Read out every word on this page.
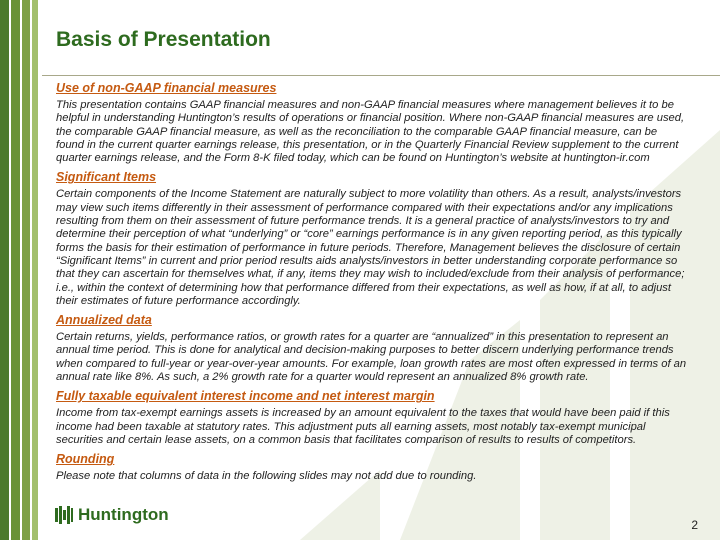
Basis of Presentation

Use of non-GAAP financial measures

This presentation contains GAAP financial measures and non-GAAP financial measures where management believes it to be helpful in understanding Huntington’s results of operations or financial position. Where non-GAAP financial measures are used, the comparable GAAP financial measure, as well as the reconciliation to the comparable GAAP financial measure, can be found in the current quarter earnings release, this presentation, or in the Quarterly Financial Review supplement to the current quarter earnings release, and the Form 8-K filed today, which can be found on Huntington’s website at huntington-ir.com

Significant Items

Certain components of the Income Statement are naturally subject to more volatility than others. As a result, analysts/investors may view such items differently in their assessment of performance compared with their expectations and/or any implications resulting from them on their assessment of future performance trends. It is a general practice of analysts/investors to try and determine their perception of what “underlying” or “core” earnings performance is in any given reporting period, as this typically forms the basis for their estimation of performance in future periods. Therefore, Management believes the disclosure of certain “Significant Items” in current and prior period results aids analysts/investors in better understanding corporate performance so that they can ascertain for themselves what, if any, items they may wish to included/exclude from their analysis of performance; i.e., within the context of determining how that performance differed from their expectations, as well as how, if at all, to adjust their estimates of future performance accordingly.

Annualized data

Certain returns, yields, performance ratios, or growth rates for a quarter are “annualized” in this presentation to represent an annual time period. This is done for analytical and decision-making purposes to better discern underlying performance trends when compared to full-year or year-over-year amounts. For example, loan growth rates are most often expressed in terms of an annual rate like 8%. As such, a 2% growth rate for a quarter would represent an annualized 8% growth rate.

Fully taxable equivalent interest income and net interest margin

Income from tax-exempt earnings assets is increased by an amount equivalent to the taxes that would have been paid if this income had been taxable at statutory rates. This adjustment puts all earning assets, most notably tax-exempt municipal securities and certain lease assets, on a common basis that facilitates comparison of results to results of competitors.

Rounding

Please note that columns of data in the following slides may not add due to rounding.

Huntington
2
